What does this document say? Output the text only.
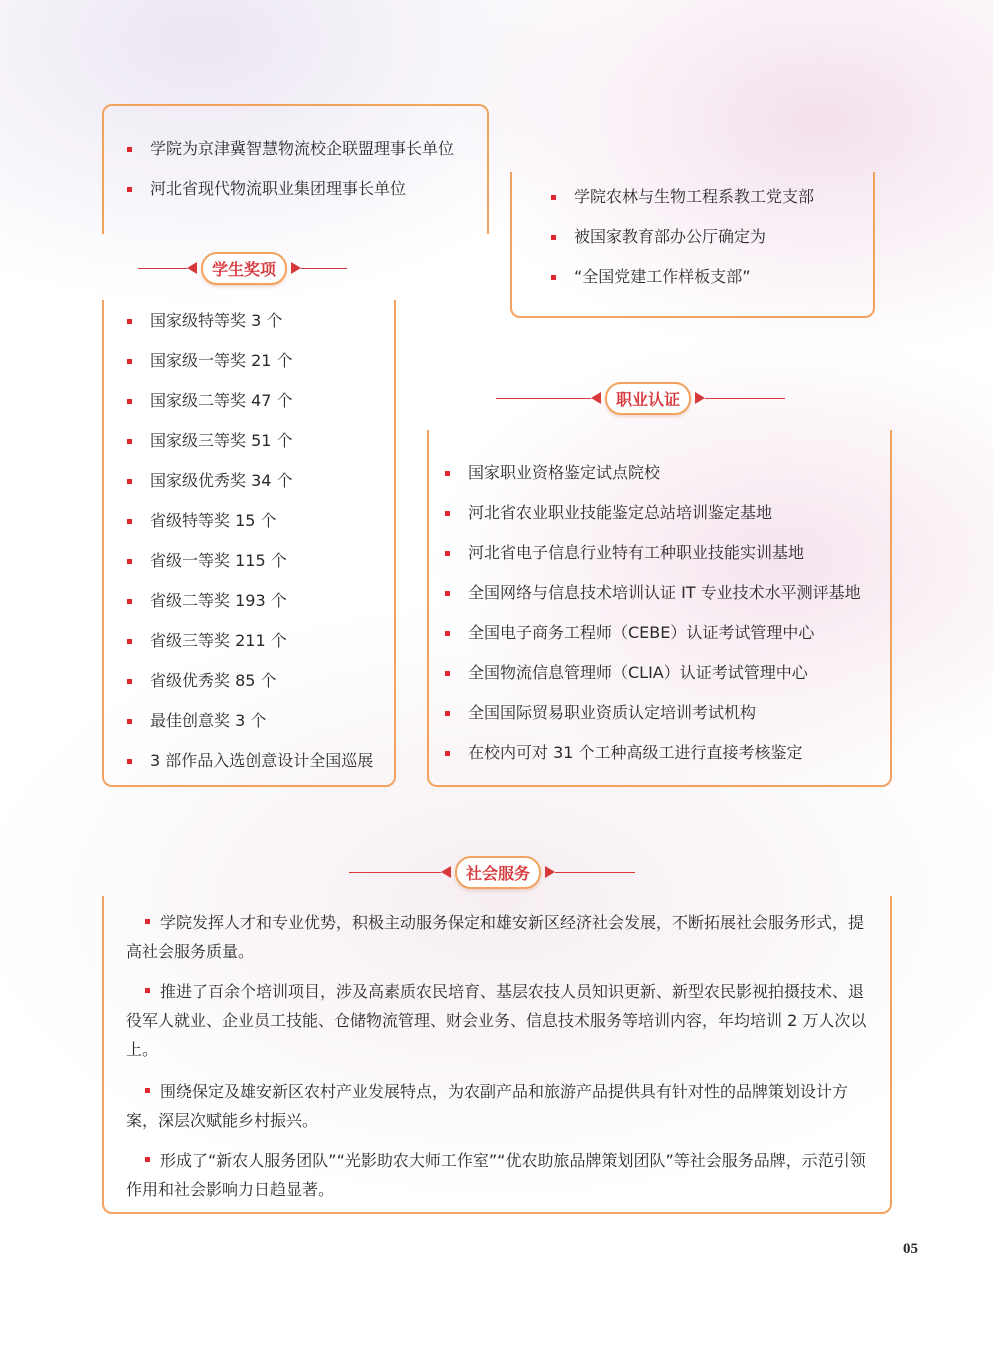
学院为京津冀智慧物流校企联盟理事长单位
河北省现代物流职业集团理事长单位	学院农林与生物工程系教工党支部
被国家教育部办公厅确定为
“全国党建工作样板支部”
学生奖项
国家级特等奖 3 个
国家级一等奖 21 个
国家级二等奖 47 个
国家级三等奖 51 个
国家级优秀奖 34 个
省级特等奖 15 个
省级一等奖 115 个
省级二等奖 193 个
省级三等奖 211 个
省级优秀奖 85 个
最佳创意奖 3 个
3 部作品入选创意设计全国巡展
职业认证
国家职业资格鉴定试点院校
河北省农业职业技能鉴定总站培训鉴定基地
河北省电子信息行业特有工种职业技能实训基地
全国网络与信息技术培训认证 IT 专业技术水平测评基地
全国电子商务工程师（CEBE）认证考试管理中心
全国物流信息管理师（CLIA）认证考试管理中心
全国国际贸易职业资质认定培训考试机构
在校内可对 31 个工种高级工进行直接考核鉴定
社会服务
学院发挥人才和专业优势，积极主动服务保定和雄安新区经济社会发展，不断拓展社会服务形式，提高社会服务质量。
推进了百余个培训项目，涉及高素质农民培育、基层农技人员知识更新、新型农民影视拍摄技术、退役军人就业、企业员工技能、仓储物流管理、财会业务、信息技术服务等培训内容，年均培训 2 万人次以上。
围绕保定及雄安新区农村产业发展特点，为农副产品和旅游产品提供具有针对性的品牌策划设计方案，深层次赋能乡村振兴。
形成了“新农人服务团队”“光影助农大师工作室”“优农助旅品牌策划团队”等社会服务品牌，示范引领作用和社会影响力日趋显著。
05
